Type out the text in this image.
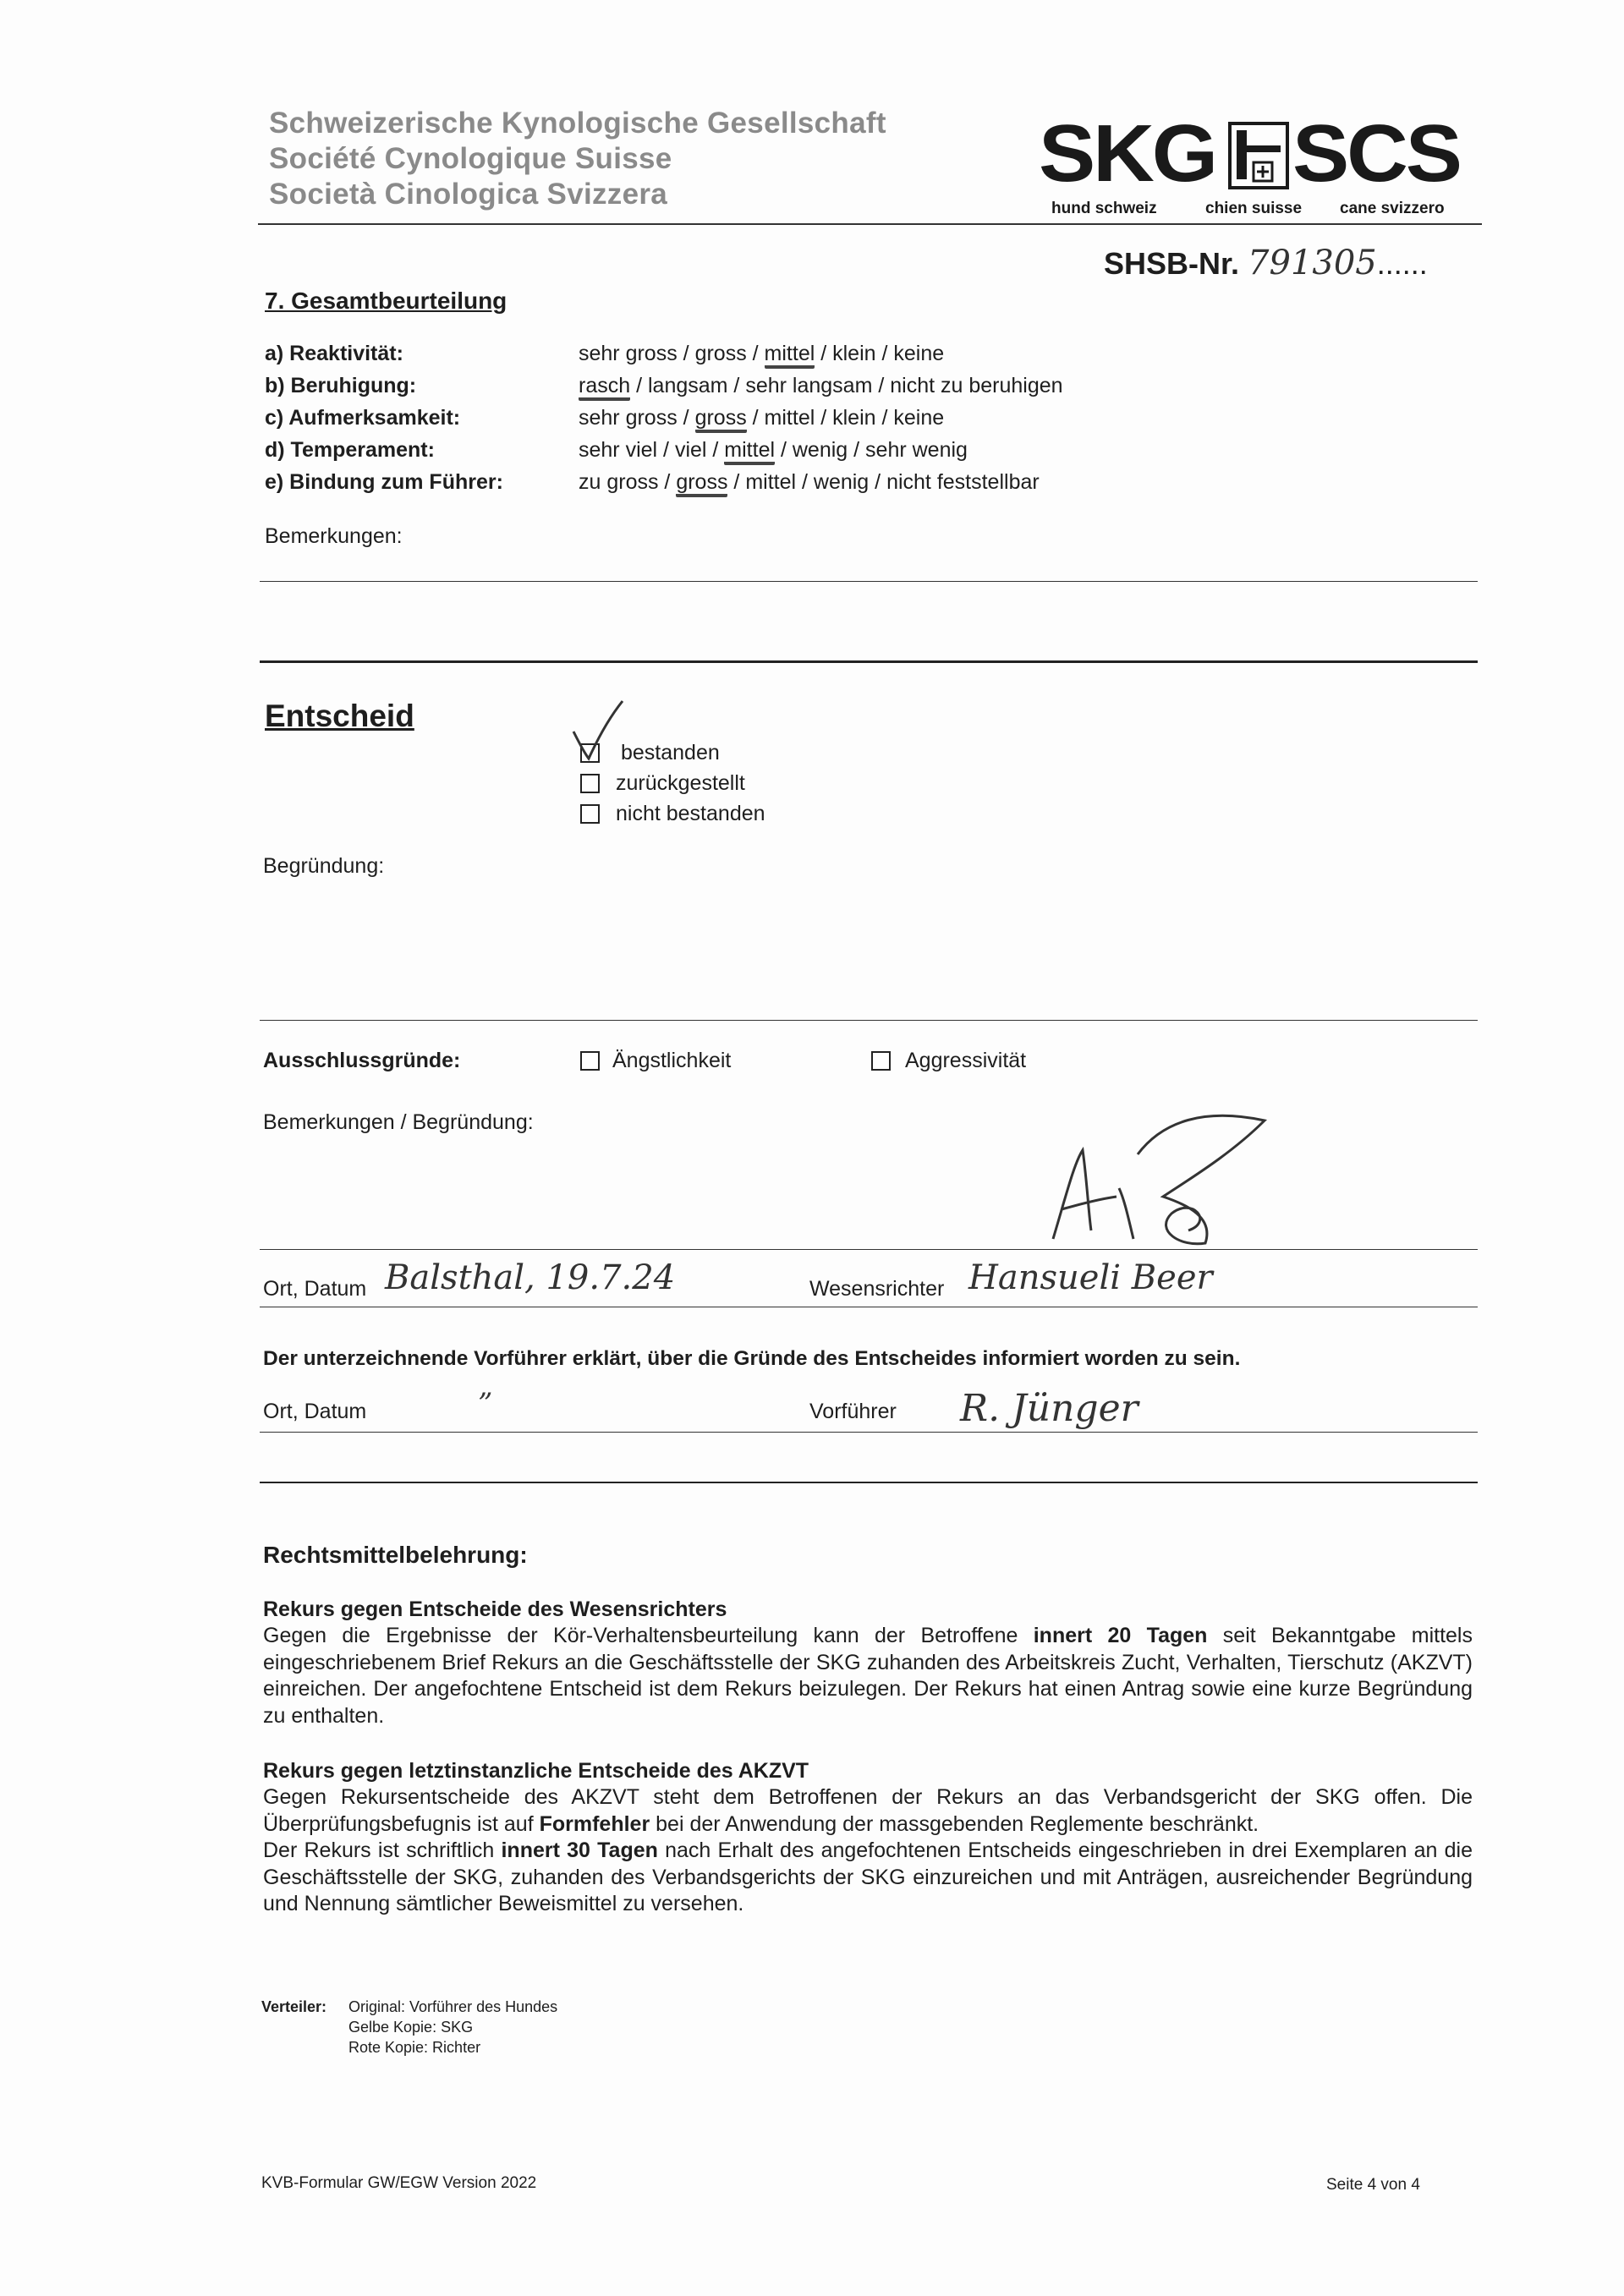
Schweizerische Kynologische Gesellschaft
Société Cynologique Suisse
Società Cinologica Svizzera	SKG SCS
hund schweiz	chien suisse cane svizzero
SHSB-Nr. 791305......
7. Gesamtbeurteilung
a) Reaktivität:	sehr gross / gross / mittel / klein / keine
b) Beruhigung:	rasch / langsam / sehr langsam / nicht zu beruhigen
c) Aufmerksamkeit:	sehr gross / gross / mittel / klein / keine
d) Temperament:	sehr viel / viel / mittel / wenig / sehr wenig
e) Bindung zum Führer:	zu gross / gross / mittel / wenig / nicht feststellbar
Bemerkungen:
Entscheid
bestanden
zurückgestellt
nicht bestanden
Begründung:
Ausschlussgründe:	Ängstlichkeit	Aggressivität
Bemerkungen / Begründung:
Ort, Datum Balsthal, 19.7.24	Wesensrichter Hansueli Beer
Der unterzeichnende Vorführer erklärt, über die Gründe des Entscheides informiert worden zu sein.
Ort, Datum	”	Vorführer R. Jünger
Rechtsmittelbelehrung:
Rekurs gegen Entscheide des Wesensrichters
Gegen die Ergebnisse der Kör-Verhaltensbeurteilung kann der Betroffene innert 20 Tagen seit Bekanntgabe mittels eingeschriebenem Brief Rekurs an die Geschäftsstelle der SKG zuhanden des Arbeitskreis Zucht, Verhalten, Tierschutz (AKZVT) einreichen. Der angefochtene Entscheid ist dem Rekurs beizulegen. Der Rekurs hat einen Antrag sowie eine kurze Begründung zu enthalten.
Rekurs gegen letztinstanzliche Entscheide des AKZVT
Gegen Rekursentscheide des AKZVT steht dem Betroffenen der Rekurs an das Verbandsgericht der SKG offen. Die Überprüfungsbefugnis ist auf Formfehler bei der Anwendung der massgebenden Reglemente beschränkt.
Der Rekurs ist schriftlich innert 30 Tagen nach Erhalt des angefochtenen Entscheids eingeschrieben in drei Exemplaren an die Geschäftsstelle der SKG, zuhanden des Verbandsgerichts der SKG einzureichen und mit Anträgen, ausreichender Begründung und Nennung sämtlicher Beweismittel zu versehen.
Verteiler: Original: Vorführer des Hundes
Gelbe Kopie: SKG
Rote Kopie: Richter
KVB-Formular GW/EGW Version 2022	Seite 4 von 4
